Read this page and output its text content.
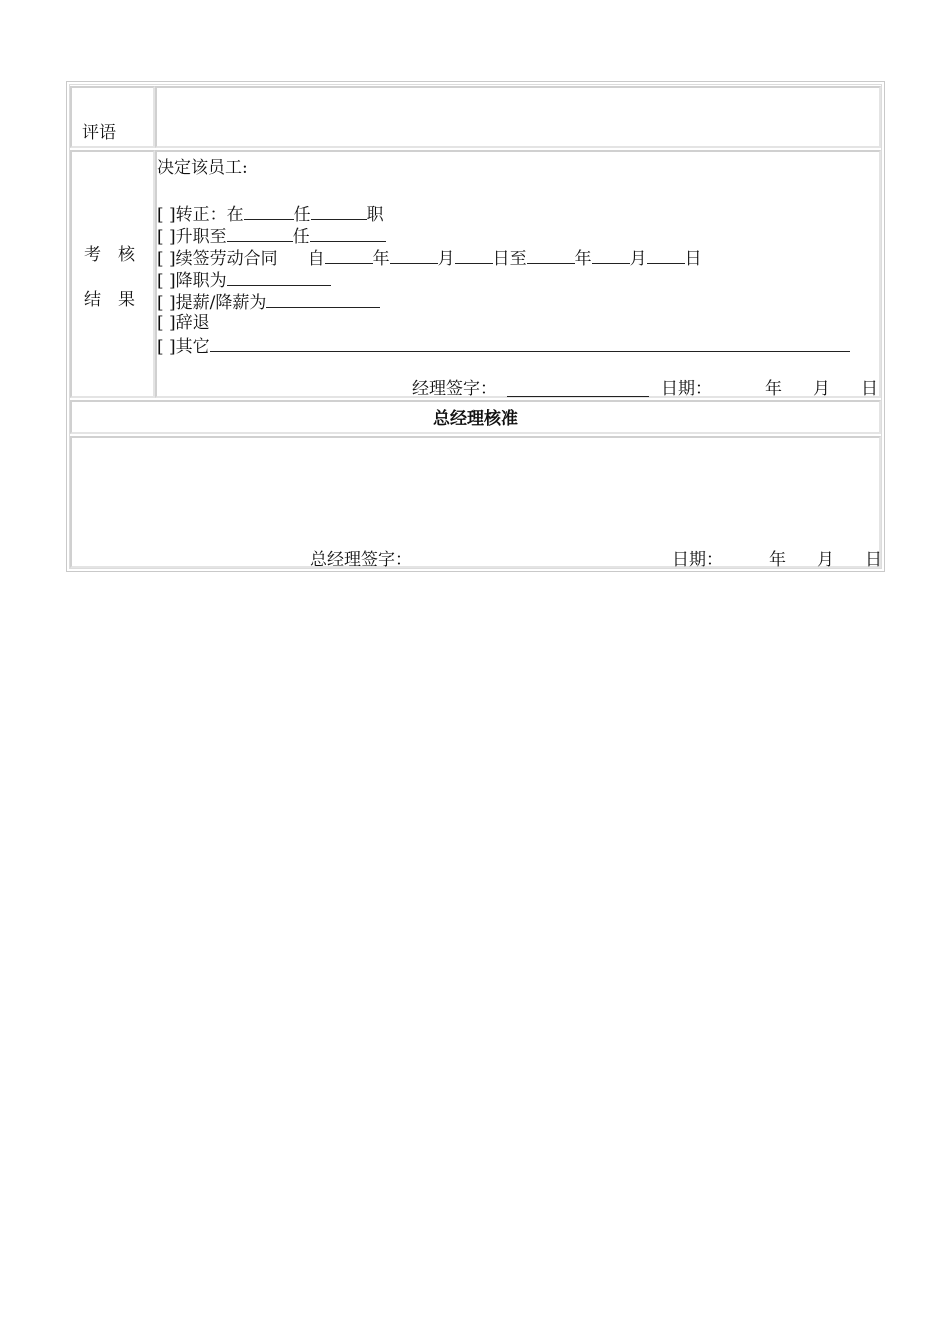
评语
考　核
结　果
决定该员工:
[ ]转正：在	任	职
[ ]升职至	任
[ ]续签劳动合同 自	年	月 日至	年 月 日
[ ]降职为
[ ]提薪/降薪为
[ ]辞退
[ ]其它
经理签字：	日期：	年 月 日
总经理核准
总经理签字：	日期：	年 月 日
